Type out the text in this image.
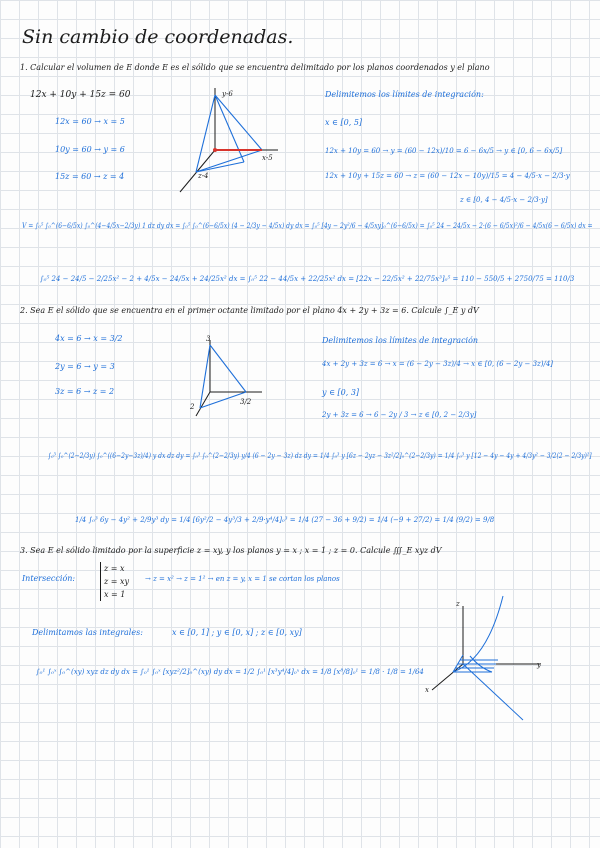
Sin cambio de coordenadas.
1. Calcular el volumen de E donde E es el sólido que se encuentra delimitado por los planos coordenados y el plano
12x + 10y + 15z = 60
12x = 60 → x = 5
10y = 60 → y = 6
15z = 60 → z = 4
Delimitemos los límites de integración:
x ∈ [0, 5]
12x + 10y = 60 → y = (60 − 12x)/10 = 6 − 6x/5 → y ∈ [0, 6 − 6x/5]
12x + 10y + 15z = 60 → z = (60 − 12x − 10y)/15 = 4 − 4/5·x − 2/3·y
z ∈ [0, 4 − 4/5·x − 2/3·y]
V = ∫₀⁵ ∫₀^(6−6/5x) ∫₀^(4−4/5x−2/3y) 1 dz dy dx = ∫₀⁵ ∫₀^(6−6/5x) (4 − 2/3y − 4/5x) dy dx = ∫₀⁵ [4y − 2y²/6 − 4/5xy]₀^(6−6/5x) = ∫₀⁵ 24 − 24/5x − 2·(6 − 6/5x)²/6 − 4/5x(6 − 6/5x) dx =
∫₀⁵ 24 − 24/5 − 2/25x² − 2 + 4/5x − 24/5x + 24/25x² dx = ∫₀⁵ 22 − 44/5x + 22/25x² dx = [22x − 22/5x² + 22/75x³]₀⁵ = 110 − 550/5 + 2750/75 = 110/3
y-6
x-5
z-4
2. Sea E el sólido que se encuentra en el primer octante limitado por el plano 4x + 2y + 3z = 6. Calcule ∫_E y dV
4x = 6 → x = 3/2
2y = 6 → y = 3
3z = 6 → z = 2
Delimitemos los límites de integración
4x + 2y + 3z = 6 → x = (6 − 2y − 3z)/4 → x ∈ [0, (6 − 2y − 3z)/4]
y ∈ [0, 3]
2y + 3z = 6 → 6 − 2y / 3 → z ∈ [0, 2 − 2/3y]
∫₀³ ∫₀^(2−2/3y) ∫₀^((6−2y−3z)/4) y dx dz dy = ∫₀³ ∫₀^(2−2/3y) y/4 (6 − 2y − 3z) dz dy = 1/4 ∫₀³ y [6z − 2yz − 3z²/2]₀^(2−2/3y) = 1/4 ∫₀³ y [12 − 4y − 4y + 4/3y² − 3/2(2 − 2/3y)²]
1/4 ∫₀³ 6y − 4y² + 2/9y³ dy = 1/4 [6y²/2 − 4y³/3 + 2/9·y⁴/4]₀³ = 1/4 (27 − 36 + 9/2) = 1/4 (−9 + 27/2) = 1/4 (9/2) = 9/8
3
3/2
2
3. Sea E el sólido limitado por la superficie z = xy, y los planos y = x ; x = 1 ; z = 0. Calcule ∭_E xyz dV
Intersección:
z = x
z = xy
x = 1
→ z = x² → z = 1² → en z = y, x = 1 se cortan los planos
Delimitamos las integrales:	x ∈ [0, 1] ; y ∈ [0, x] ; z ∈ [0, xy]
∫₀¹ ∫₀ˣ ∫₀^(xy) xyz dz dy dx = ∫₀¹ ∫₀ˣ [xyz²/2]₀^(xy) dy dx = 1/2 ∫₀¹ [x³y⁴/4]₀ˣ dx = 1/8 [x⁸/8]₀¹ = 1/8 · 1/8 = 1/64
z
y
x
